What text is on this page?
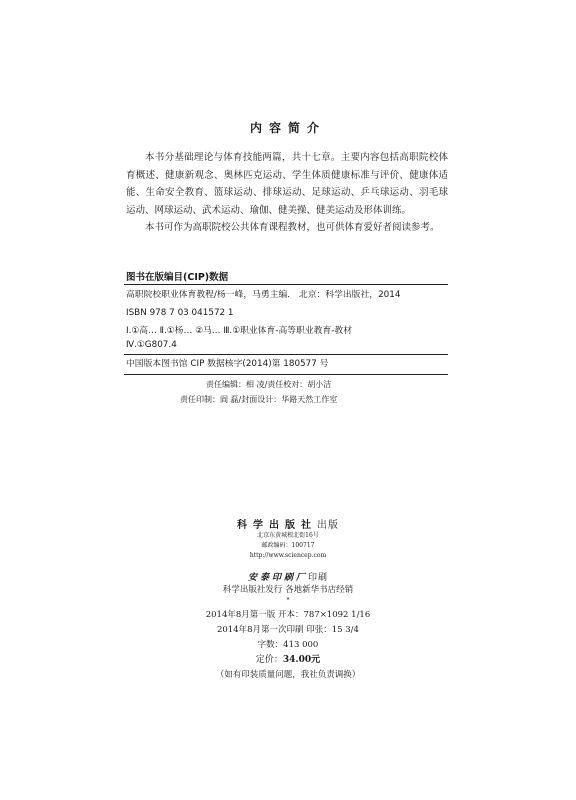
内容简介

本书分基础理论与体育技能两篇，共十七章。主要内容包括高职院校体育概述、健康新观念、奥林匹克运动、学生体质健康标准与评价、健康体适能、生命安全教育、篮球运动、排球运动、足球运动、乒乓球运动、羽毛球运动、网球运动、武术运动、瑜伽、健美操、健美运动及形体训练。

本书可作为高职院校公共体育课程教材，也可供体育爱好者阅读参考。

图书在版编目(CIP)数据
高职院校职业体育教程/杨一峰，马勇主编． 北京：科学出版社，2014
ISBN 978 7 03 041572 1
Ⅰ.①高… Ⅱ.①杨… ②马… Ⅲ.①职业体育-高等职业教育-教材
Ⅳ.①G807.4
中国版本图书馆 CIP 数据核字(2014)第 180577 号
责任编辑：相 凌/责任校对：胡小洁
责任印制：阎 磊/封面设计：华路天然工作室
科学出版社出版
北京东黄城根北街16号
邮政编码：100717
http://www.sciencep.com
安泰印刷厂印刷
科学出版社发行 各地新华书店经销
*
2014年8月第一版 开本：787×1092 1/16
2014年8月第一次印刷 印张：15 3/4
字数：413 000
定价：34.00元
（如有印装质量问题，我社负责调换）
